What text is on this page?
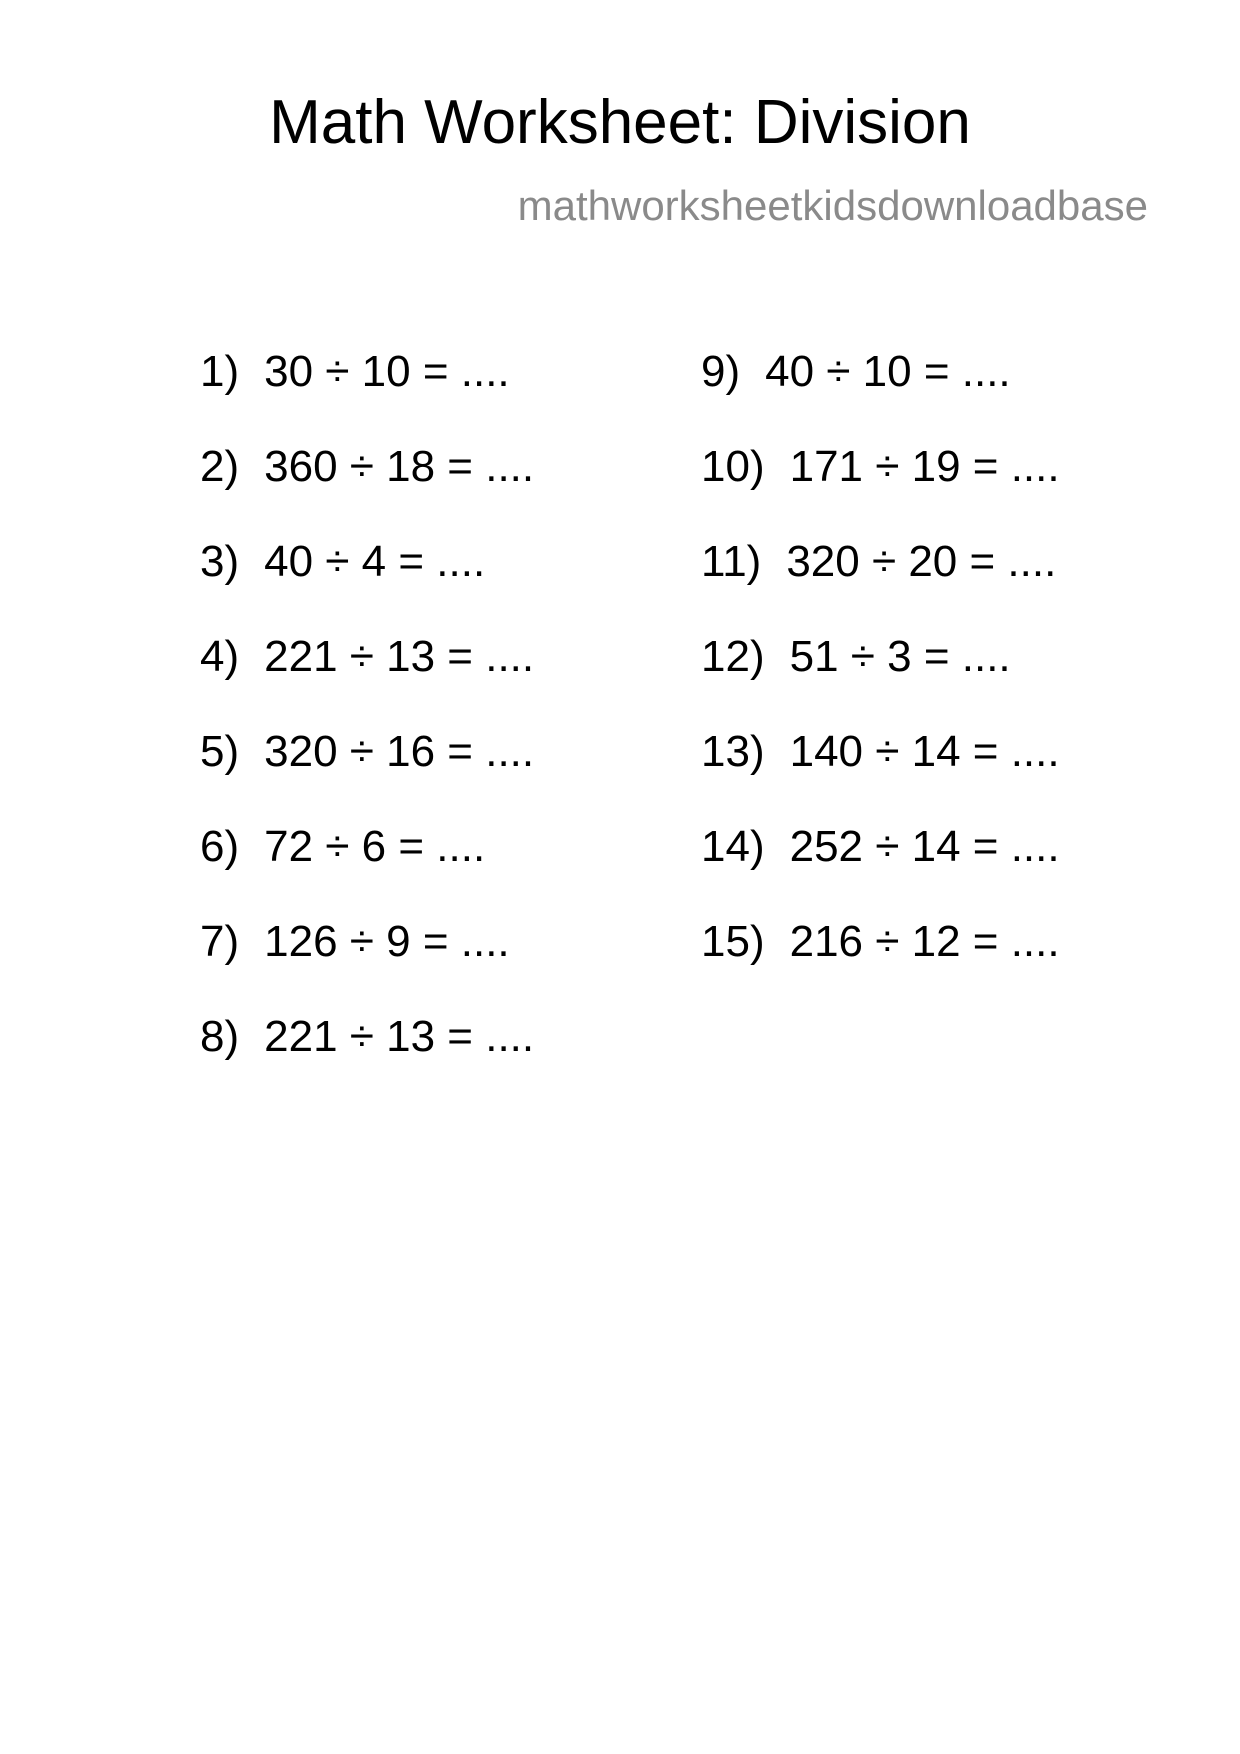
Math Worksheet: Division
mathworksheetkidsdownloadbase
1) 30 ÷ 10 = ....
2) 360 ÷ 18 = ....
3) 40 ÷ 4 = ....
4) 221 ÷ 13 = ....
5) 320 ÷ 16 = ....
6) 72 ÷ 6 = ....
7) 126 ÷ 9 = ....
8) 221 ÷ 13 = ....
9) 40 ÷ 10 = ....
10) 171 ÷ 19 = ....
11) 320 ÷ 20 = ....
12) 51 ÷ 3 = ....
13) 140 ÷ 14 = ....
14) 252 ÷ 14 = ....
15) 216 ÷ 12 = ....
